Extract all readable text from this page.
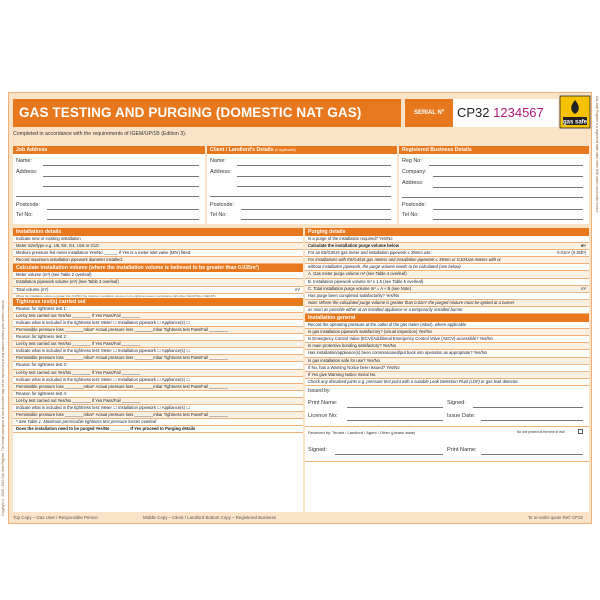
Copyright © 2018 - 2019 Gas Safe Register. The format and layout of this document may not be reproduced in any manner without prior written consent.
Gas Safe Register is a registered trade mark of the HSE and is used under licence.
GAS TESTING AND PURGING (DOMESTIC NAT GAS)	SERIAL Nº CP32 1234567
gas safe
Completed in accordance with the requirements of IGEM/UP/1B (Edition 3).
Job Address
Name:
Address:
Postcode:
Tel No:
Client / Landlord's Details (if applicable)
Name:
Address:
Postcode:
Tel No:
Registered Business Details
Reg No:
Company:
Address:
Postcode:
Tel No:
Installation details
Indicate new or existing installation
Meter size/type e.g. U6, E6, G4, U16 or G10:
Medium pressure fed meter installation Yes/No ______ If Yes is a meter inlet valve (MIV) fitted:
Record maximum installation pipework diameter installed:
Calculate installation volume (where the installation volume is believed to be greater than 0.035m³)
Meter volume (m³) (see Table 2 overleaf)
Installation pipework volume (m³) (see Table 3 overleaf)
Total volume (m³)	m³
Where the installation volume is greater than 0.035m³ the maximum installation volume is to be tightness tested in accordance with either IGE/UP/1A or IGE/UP/1.
Tightness test(s) carried out
Reason for tightness test 1:
Let-by test carried out Yes/No ________ If Yes Pass/Fail ________
Indicate what is included in the tightness test: Meter ☐ Installation pipework ☐ Appliance(s) ☐
Permissible pressure loss ________mbar* Actual pressure loss ________mbar Tightness test Pass/Fail ________
Reason for tightness test 2:
Let-by test carried out Yes/No ________ If Yes Pass/Fail ________
Indicate what is included in the tightness test: Meter ☐ Installation pipework ☐ Appliance(s) ☐
Permissible pressure loss ________mbar* Actual pressure loss ________mbar Tightness test Pass/Fail ________
Reason for tightness test 3:
Let-by test carried out Yes/No ________ If Yes Pass/Fail ________
Indicate what is included in the tightness test: Meter ☐ Installation pipework ☐ Appliance(s) ☐
Permissible pressure loss ________mbar* Actual pressure loss ________mbar Tightness test Pass/Fail ________
Reason for tightness test 4:
Let-by test carried out Yes/No ________ If Yes Pass/Fail ________
Indicate what is included in the tightness test: Meter ☐ Installation pipework ☐ Appliance(s) ☐
Permissible pressure loss ________mbar* Actual pressure loss ________mbar Tightness test Pass/Fail ________
* See Table 1. Maximum permissible tightness test pressure losses overleaf
Does the installation need to be purged Yes/No ________ If Yes proceed to Purging details
Purging details
Is a purge of the installation required? Yes/No
Calculate the installation purge volume below	m³
For an E6/G4/U6 gas meter and installation pipework ≤ 28mm use:	0.01m³ (0.35ft³)
For installations with E6/G4/U6 gas meters and installation pipework ≤ 35mm or G10/U16 meters with or
without installation pipework, the purge volume needs to be calculated (see below)
A. Gas meter purge volume m³ (see Table 4 overleaf)
B. Installation pipework volume m³ x 1.5 (see Table 5 overleaf)
C. Total installation purge volume m³ = A + B (see Note)	m³
Has purge been completed satisfactorily? Yes/No
Note: Where the calculated purge volume is greater than 0.02m³ the purged mixture must be ignited at a burner
as soon as possible either at an installed appliance or a temporarily installed burner.
Installation general
Record the operating pressure at the outlet of the gas meter (mbar), where applicable
Is gas installation pipework satisfactory? (visual inspection) Yes/No
Is Emergency Control Valve (ECV)/Additional Emergency Control Valve (AECV) accessible? Yes/No
Is main protective bonding satisfactory? Yes/No
Has installation/appliance(s) been commissioned/put back into operation as appropriate? Yes/No
Is gas installation safe for use? Yes/No
If No, has a Warning Notice been issued? Yes/No
If Yes give Warning Notice Serial No.
Check any disturbed joints e.g. pressure test point with a suitable Leak Detection Fluid (LDF) or gas leak detector.
Issued by:
Print Name:	Signed:
Licence No:	Issue Date:
Received by: Tenant / Landlord / Agent / Other (please state)	No one present at the time of visit
Signed:	Print Name:
Top Copy – Gas User / Responsible Person	Middle Copy – Client / Landlord Bottom Copy – Registered Business	To re-order quote Ref: CP32
